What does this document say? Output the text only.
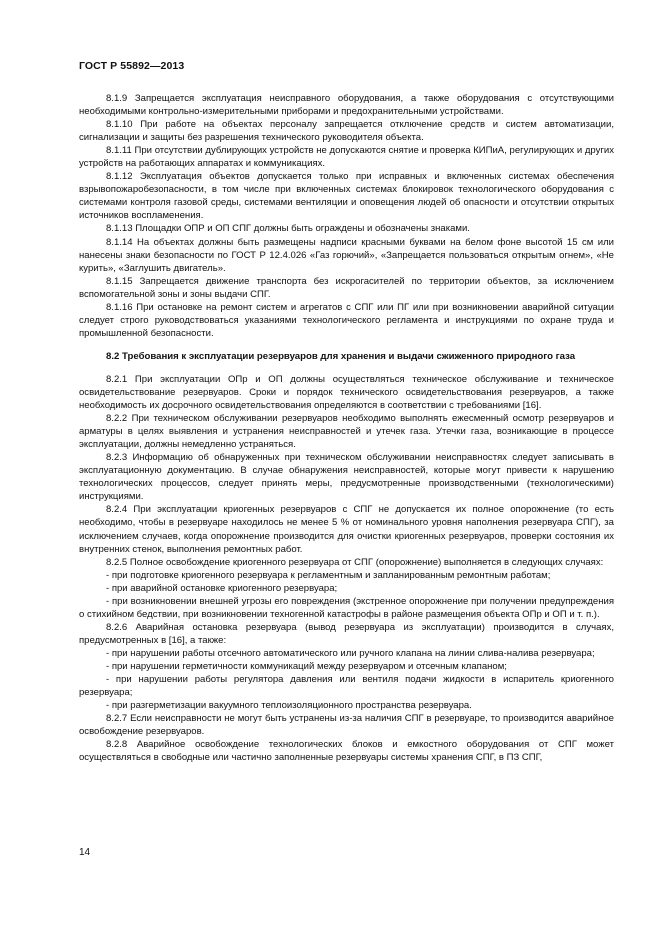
ГОСТ Р 55892—2013

8.1.9 Запрещается эксплуатация неисправного оборудования, а также оборудования с отсутствующими необходимыми контрольно-измерительными приборами и предохранительными устройствами.

8.1.10 При работе на объектах персоналу запрещается отключение средств и систем автоматизации, сигнализации и защиты без разрешения технического руководителя объекта.

8.1.11 При отсутствии дублирующих устройств не допускаются снятие и проверка КИПиА, регулирующих и других устройств на работающих аппаратах и коммуникациях.

8.1.12 Эксплуатация объектов допускается только при исправных и включенных системах обеспечения взрывопожаробезопасности, в том числе при включенных системах блокировок технологического оборудования с системами контроля газовой среды, системами вентиляции и оповещения людей об опасности и отсутствии открытых источников воспламенения.

8.1.13 Площадки ОПР и ОП СПГ должны быть ограждены и обозначены знаками.

8.1.14 На объектах должны быть размещены надписи красными буквами на белом фоне высотой 15 см или нанесены знаки безопасности по ГОСТ Р 12.4.026 «Газ горючий», «Запрещается пользоваться открытым огнем», «Не курить», «Заглушить двигатель».

8.1.15 Запрещается движение транспорта без искрогасителей по территории объектов, за исключением вспомогательной зоны и зоны выдачи СПГ.

8.1.16 При остановке на ремонт систем и агрегатов с СПГ или ПГ или при возникновении аварийной ситуации следует строго руководствоваться указаниями технологического регламента и инструкциями по охране труда и промышленной безопасности.

8.2 Требования к эксплуатации резервуаров для хранения и выдачи сжиженного природного газа

8.2.1 При эксплуатации ОПр и ОП должны осуществляться техническое обслуживание и техническое освидетельствование резервуаров. Сроки и порядок технического освидетельствования резервуаров, а также необходимость их досрочного освидетельствования определяются в соответствии с требованиями [16].

8.2.2 При техническом обслуживании резервуаров необходимо выполнять ежесменный осмотр резервуаров и арматуры в целях выявления и устранения неисправностей и утечек газа. Утечки газа, возникающие в процессе эксплуатации, должны немедленно устраняться.

8.2.3 Информацию об обнаруженных при техническом обслуживании неисправностях следует записывать в эксплуатационную документацию. В случае обнаружения неисправностей, которые могут привести к нарушению технологических процессов, следует принять меры, предусмотренные производственными (технологическими) инструкциями.

8.2.4 При эксплуатации криогенных резервуаров с СПГ не допускается их полное опорожнение (то есть необходимо, чтобы в резервуаре находилось не менее 5 % от номинального уровня наполнения резервуара СПГ), за исключением случаев, когда опорожнение производится для очистки криогенных резервуаров, проверки состояния их внутренних стенок, выполнения ремонтных работ.

8.2.5 Полное освобождение криогенного резервуара от СПГ (опорожнение) выполняется в следующих случаях:

- при подготовке криогенного резервуара к регламентным и запланированным ремонтным работам;

- при аварийной остановке криогенного резервуара;

- при возникновении внешней угрозы его повреждения (экстренное опорожнение при получении предупреждения о стихийном бедствии, при возникновении техногенной катастрофы в районе размещения объекта ОПр и ОП и т. п.).

8.2.6 Аварийная остановка резервуара (вывод резервуара из эксплуатации) производится в случаях, предусмотренных в [16], а также:

- при нарушении работы отсечного автоматического или ручного клапана на линии слива-налива резервуара;

- при нарушении герметичности коммуникаций между резервуаром и отсечным клапаном;

- при нарушении работы регулятора давления или вентиля подачи жидкости в испаритель криогенного резервуара;

- при разгерметизации вакуумного теплоизоляционного пространства резервуара.

8.2.7 Если неисправности не могут быть устранены из-за наличия СПГ в резервуаре, то производится аварийное освобождение резервуаров.

8.2.8 Аварийное освобождение технологических блоков и емкостного оборудования от СПГ может осуществляться в свободные или частично заполненные резервуары системы хранения СПГ, в ПЗ СПГ,

14
